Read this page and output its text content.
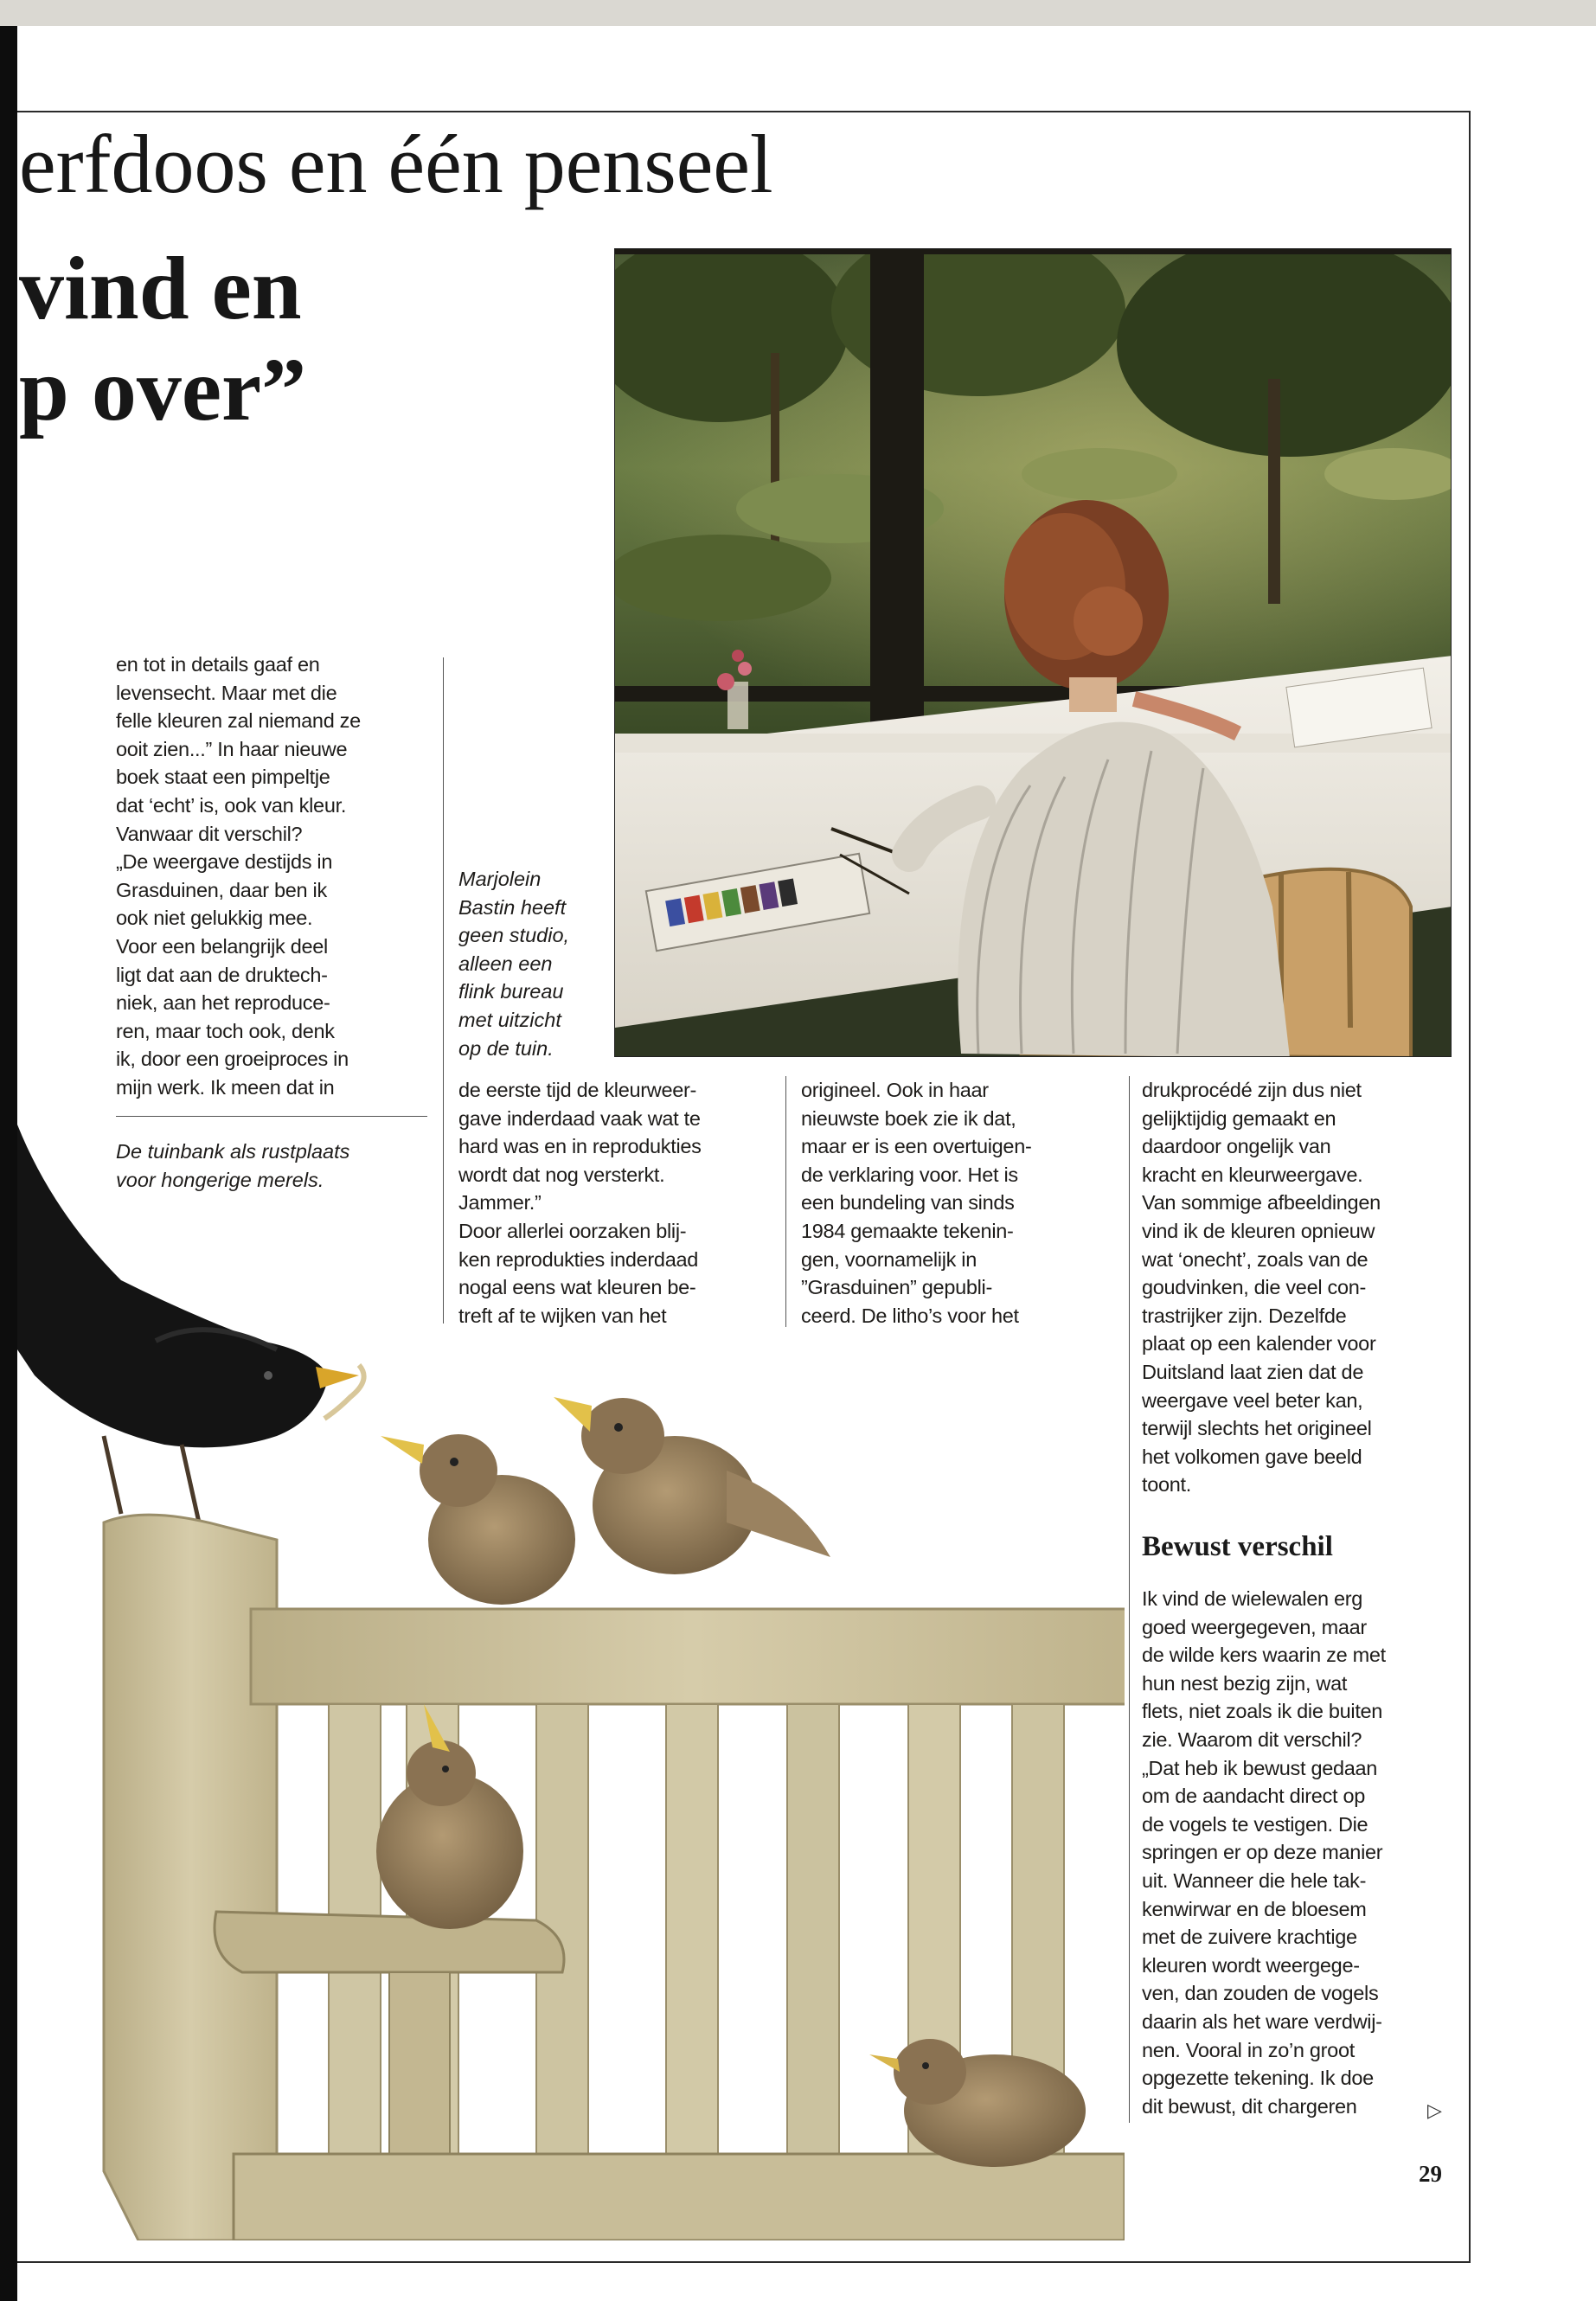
erfdoos en één penseel
vind en
p over”

en tot in details gaaf en
levensecht. Maar met die
felle kleuren zal niemand ze
ooit zien...” In haar nieuwe
boek staat een pimpeltje
dat ‘echt’ is, ook van kleur.
Vanwaar dit verschil?
„De weergave destijds in
Grasduinen, daar ben ik
ook niet gelukkig mee.
Voor een belangrijk deel
ligt dat aan de druktech-
niek, aan het reproduce-
ren, maar toch ook, denk
ik, door een groeiproces in
mijn werk. Ik meen dat in

De tuinbank als rustplaats
voor hongerige merels.
Marjolein
Bastin heeft
geen studio,
alleen een
flink bureau
met uitzicht
op de tuin.

de eerste tijd de kleurweer-
gave inderdaad vaak wat te
hard was en in reprodukties
wordt dat nog versterkt.
Jammer.”
Door allerlei oorzaken blij-
ken reprodukties inderdaad
nogal eens wat kleuren be-
treft af te wijken van het

origineel. Ook in haar
nieuwste boek zie ik dat,
maar er is een overtuigen-
de verklaring voor. Het is
een bundeling van sinds
1984 gemaakte tekenin-
gen, voornamelijk in
”Grasduinen” gepubli-
ceerd. De litho’s voor het

drukprocédé zijn dus niet
gelijktijdig gemaakt en
daardoor ongelijk van
kracht en kleurweergave.
Van sommige afbeeldingen
vind ik de kleuren opnieuw
wat ‘onecht’, zoals van de
goudvinken, die veel con-
trastrijker zijn. Dezelfde
plaat op een kalender voor
Duitsland laat zien dat de
weergave veel beter kan,
terwijl slechts het origineel
het volkomen gave beeld
toont.

Bewust verschil

Ik vind de wielewalen erg
goed weergegeven, maar
de wilde kers waarin ze met
hun nest bezig zijn, wat
flets, niet zoals ik die buiten
zie. Waarom dit verschil?
„Dat heb ik bewust gedaan
om de aandacht direct op
de vogels te vestigen. Die
springen er op deze manier
uit. Wanneer die hele tak-
kenwirwar en de bloesem
met de zuivere krachtige
kleuren wordt weergege-
ven, dan zouden de vogels
daarin als het ware verdwij-
nen. Vooral in zo’n groot
opgezette tekening. Ik doe
dit bewust, dit chargeren	▷
29
